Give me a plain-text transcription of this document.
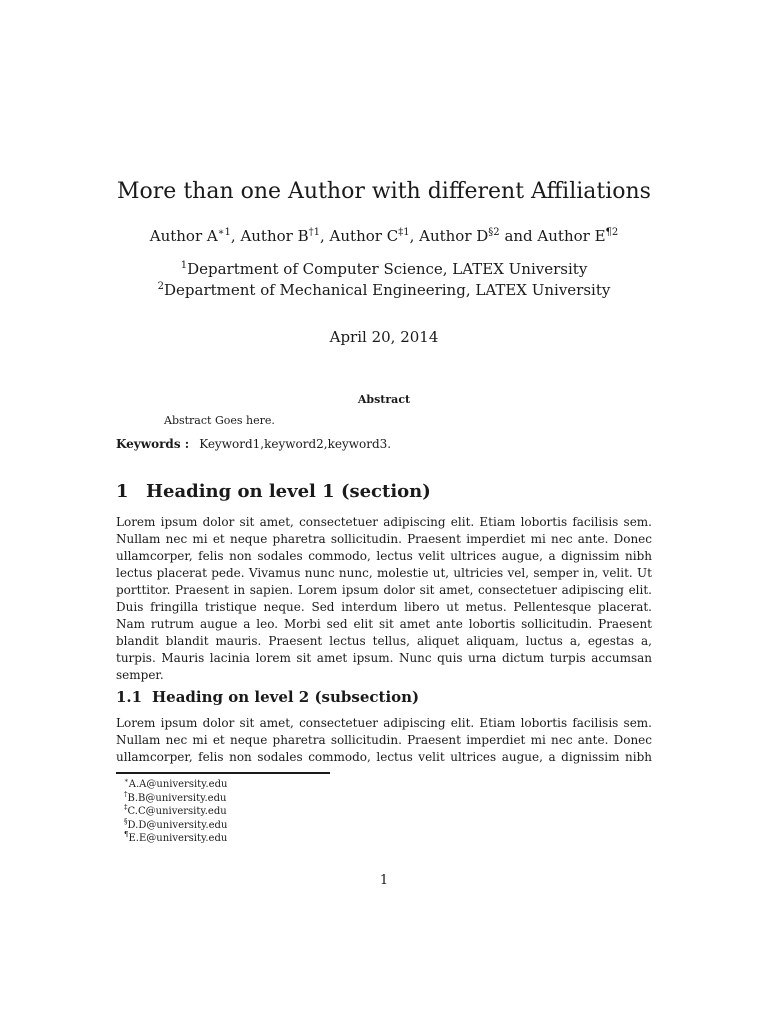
More than one Author with different Affiliations
Author $A^{∗1}$, Author $B^{\dagger 1}$, Author $C^{\ddagger 1}$, Author $D^{\S 2}$ and Author $E^{\P 2}$
$^1$Department of Computer Science, LATEX University
$^2$Department of Mechanical Engineering, LATEX University
April 20, 2014
Abstract
Abstract Goes here.
Keywords : Keyword1,keyword2,keyword3.
1 Heading on level 1 (section)
Lorem ipsum dolor sit amet, consectetuer adipiscing elit. Etiam lobortis facilisis sem. Nullam nec mi et neque pharetra sollicitudin. Praesent imperdiet mi nec ante. Donec ullamcorper, felis non sodales commodo, lectus velit ultrices augue, a dignissim nibh lectus placerat pede. Vivamus nunc nunc, molestie ut, ultricies vel, semper in, velit. Ut porttitor. Praesent in sapien. Lorem ipsum dolor sit amet, consectetuer adipiscing elit. Duis fringilla tristique neque. Sed interdum libero ut metus. Pellentesque placerat. Nam rutrum augue a leo. Morbi sed elit sit amet ante lobortis sollicitudin. Praesent blandit blandit mauris. Praesent lectus tellus, aliquet aliquam, luctus a, egestas a, turpis. Mauris lacinia lorem sit amet ipsum. Nunc quis urna dictum turpis accumsan semper.
1.1 Heading on level 2 (subsection)
Lorem ipsum dolor sit amet, consectetuer adipiscing elit. Etiam lobortis facilisis sem. Nullam nec mi et neque pharetra sollicitudin. Praesent imperdiet mi nec ante. Donec ullamcorper, felis non sodales commodo, lectus velit ultrices augue, a dignissim nibh
∗A.A@university.edu
†B.B@university.edu
‡C.C@university.edu
§D.D@university.edu
¶E.E@university.edu
1
